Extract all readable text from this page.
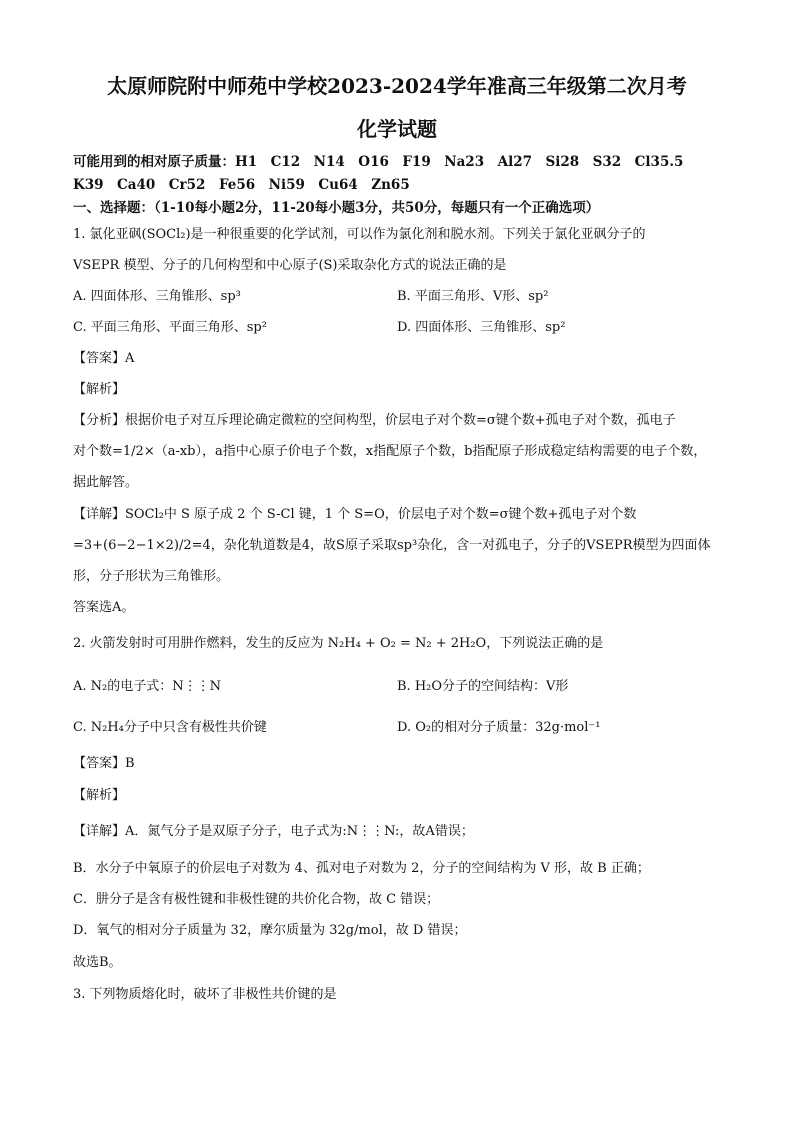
太原师院附中师苑中学校2023-2024学年准高三年级第二次月考
化学试题
可能用到的相对原子质量：H1　C12　N14　O16　F19　Na23　Al27　Si28　S32　Cl35.5
K39　Ca40　Cr52　Fe56　Ni59　Cu64　Zn65
一、选择题：（1-10每小题2分，11-20每小题3分，共50分，每题只有一个正确选项）
1. 氯化亚砜(SOCl₂)是一种很重要的化学试剂，可以作为氯化剂和脱水剂。下列关于氯化亚砜分子的
VSEPR 模型、分子的几何构型和中心原子(S)采取杂化方式的说法正确的是
A. 四面体形、三角锥形、sp³	B. 平面三角形、V形、sp²
C. 平面三角形、平面三角形、sp²	D. 四面体形、三角锥形、sp²
【答案】A
【解析】
【分析】根据价电子对互斥理论确定微粒的空间构型，价层电子对个数=σ键个数+孤电子对个数，孤电子
对个数=1/2×（a-xb），a指中心原子价电子个数，x指配原子个数，b指配原子形成稳定结构需要的电子个数，
据此解答。
【详解】SOCl₂中 S 原子成 2 个 S-Cl 键，1 个 S=O，价层电子对个数=σ键个数+孤电子对个数
=3+(6−2−1×2)/2=4，杂化轨道数是4，故S原子采取sp³杂化，含一对孤电子，分子的VSEPR模型为四面体
形，分子形状为三角锥形。
答案选A。
2. 火箭发射时可用肼作燃料，发生的反应为 N₂H₄ + O₂ = N₂ + 2H₂O，下列说法正确的是
A. N₂的电子式：N⋮⋮N	B. H₂O分子的空间结构：V形
C. N₂H₄分子中只含有极性共价键	D. O₂的相对分子质量：32g·mol⁻¹
【答案】B
【解析】
【详解】A．氮气分子是双原子分子，电子式为:N⋮⋮N:，故A错误；
B．水分子中氧原子的价层电子对数为 4、孤对电子对数为 2，分子的空间结构为 V 形，故 B 正确；
C．肼分子是含有极性键和非极性键的共价化合物，故 C 错误；
D．氧气的相对分子质量为 32，摩尔质量为 32g/mol，故 D 错误；
故选B。
3. 下列物质熔化时，破坏了非极性共价键的是
